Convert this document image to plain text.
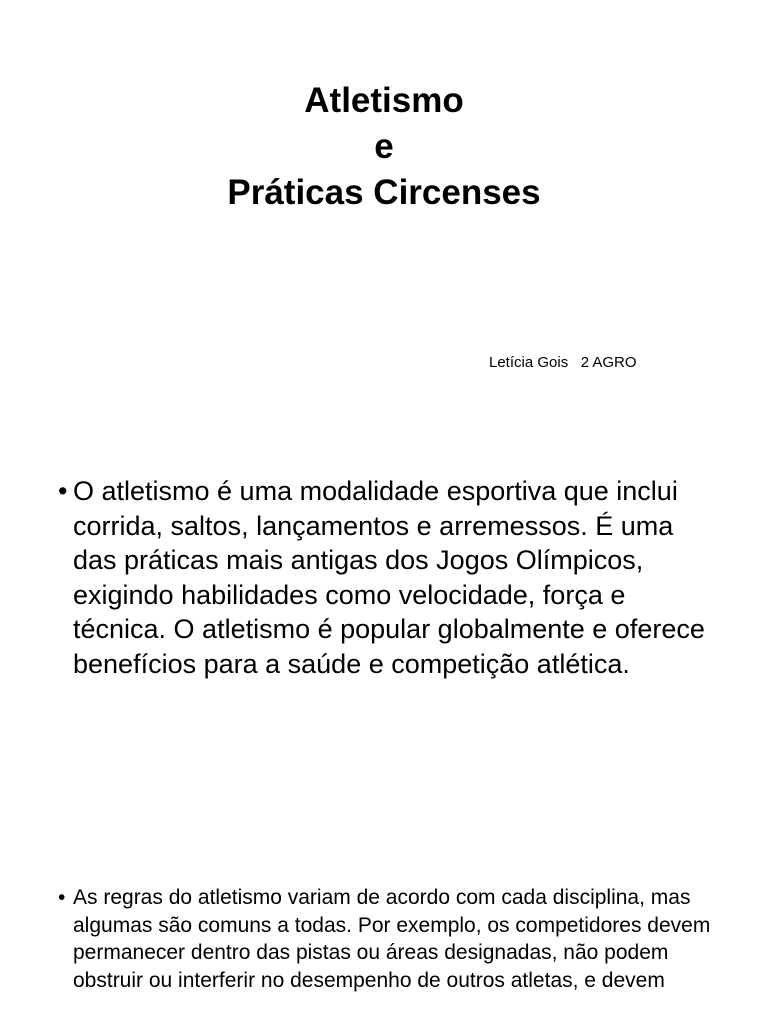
Atletismo
e
Práticas Circenses
Letícia Gois   2 AGRO
• O atletismo é uma modalidade esportiva que inclui corrida, saltos, lançamentos e arremessos. É uma das práticas mais antigas dos Jogos Olímpicos, exigindo habilidades como velocidade, força e técnica. O atletismo é popular globalmente e oferece benefícios para a saúde e competição atlética.
• As regras do atletismo variam de acordo com cada disciplina, mas algumas são comuns a todas. Por exemplo, os competidores devem permanecer dentro das pistas ou áreas designadas, não podem obstruir ou interferir no desempenho de outros atletas, e devem
